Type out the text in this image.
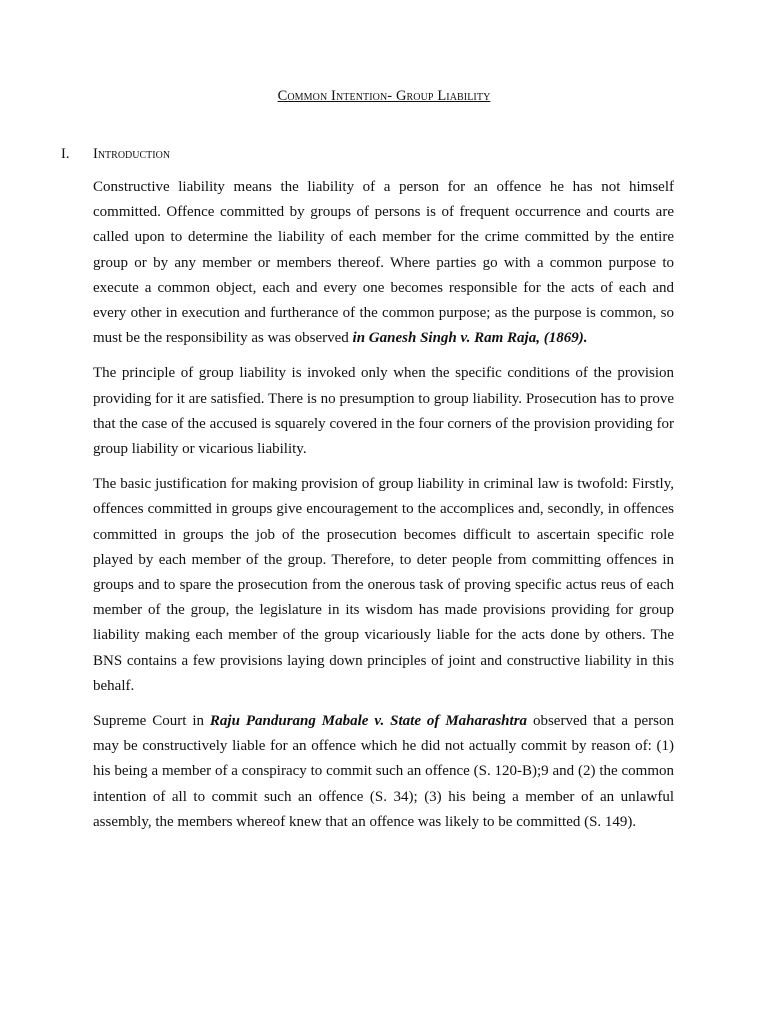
Common Intention- Group Liability
I. Introduction

Constructive liability means the liability of a person for an offence he has not himself committed. Offence committed by groups of persons is of frequent occurrence and courts are called upon to determine the liability of each member for the crime committed by the entire group or by any member or members thereof. Where parties go with a common purpose to execute a common object, each and every one becomes responsible for the acts of each and every other in execution and furtherance of the common purpose; as the purpose is common, so must be the responsibility as was observed in Ganesh Singh v. Ram Raja, (1869).

The principle of group liability is invoked only when the specific conditions of the provision providing for it are satisfied. There is no presumption to group liability. Prosecution has to prove that the case of the accused is squarely covered in the four corners of the provision providing for group liability or vicarious liability.

The basic justification for making provision of group liability in criminal law is twofold: Firstly, offences committed in groups give encouragement to the accomplices and, secondly, in offences committed in groups the job of the prosecution becomes difficult to ascertain specific role played by each member of the group. Therefore, to deter people from committing offences in groups and to spare the prosecution from the onerous task of proving specific actus reus of each member of the group, the legislature in its wisdom has made provisions providing for group liability making each member of the group vicariously liable for the acts done by others. The BNS contains a few provisions laying down principles of joint and constructive liability in this behalf.

Supreme Court in Raju Pandurang Mabale v. State of Maharashtra observed that a person may be constructively liable for an offence which he did not actually commit by reason of: (1) his being a member of a conspiracy to commit such an offence (S. 120-B);9 and (2) the common intention of all to commit such an offence (S. 34); (3) his being a member of an unlawful assembly, the members whereof knew that an offence was likely to be committed (S. 149).
